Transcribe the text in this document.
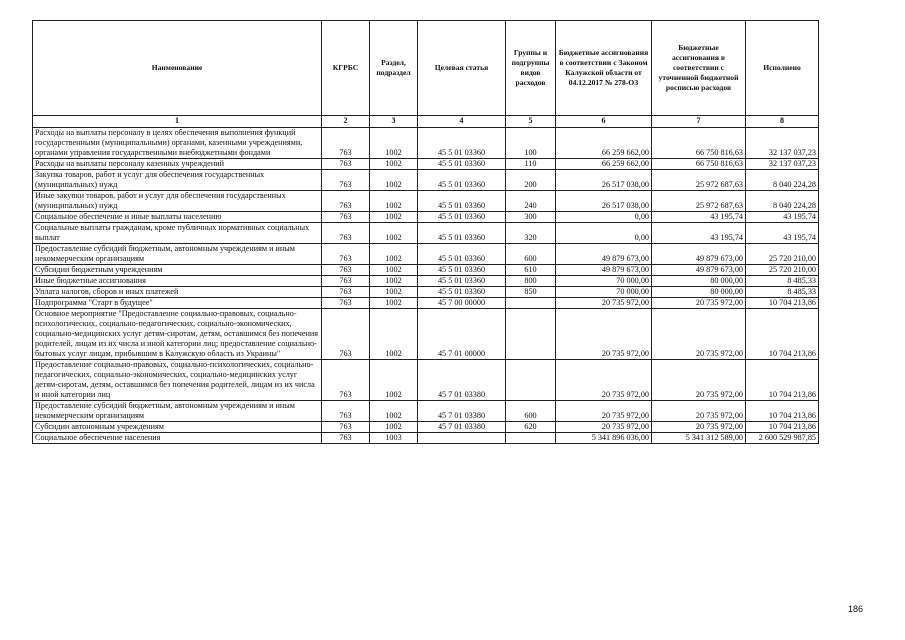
Наименование	КГРБС	Раздел, подраздел	Целевая статья	Группы и подгруппы видов расходов	Бюджетные ассигнования в соответствии с Законом Калужской области от 04.12.2017 № 278-ОЗ	Бюджетные ассигнования в соответствии с уточненной бюджетной росписью расходов	Исполнено
1	2	3	4	5	6	7	8
Расходы на выплаты персоналу в целях обеспечения выполнения функций государственными (муниципальными) органами, казенными учреждениями, органами управления государственными внебюджетными фондами	763	1002	45 5 01 03360	100	66 259 662,00	66 750 816,63	32 137 037,23
Расходы на выплаты персоналу казенных учреждений	763	1002	45 5 01 03360	110	66 259 662,00	66 750 816,63	32 137 037,23
Закупка товаров, работ и услуг для обеспечения государственных (муниципальных) нужд	763	1002	45 5 01 03360	200	26 517 038,00	25 972 687,63	8 040 224,28
Иные закупки товаров, работ и услуг для обеспечения государственных (муниципальных) нужд	763	1002	45 5 01 03360	240	26 517 038,00	25 972 687,63	8 040 224,28
Социальное обеспечение и иные выплаты населению	763	1002	45 5 01 03360	300	0,00	43 195,74	43 195,74
Социальные выплаты гражданам, кроме публичных нормативных социальных выплат	763	1002	45 5 01 03360	320	0,00	43 195,74	43 195,74
Предоставление субсидий бюджетным, автономным учреждениям и иным некоммерческим организациям	763	1002	45 5 01 03360	600	49 879 673,00	49 879 673,00	25 720 210,00
Субсидии бюджетным учреждениям	763	1002	45 5 01 03360	610	49 879 673,00	49 879 673,00	25 720 210,00
Иные бюджетные ассигнования	763	1002	45 5 01 03360	800	70 000,00	80 000,00	8 485,33
Уплата налогов, сборов и иных платежей	763	1002	45 5 01 03360	850	70 000,00	80 000,00	8 485,33
Подпрограмма "Старт в будущее"	763	1002	45 7 00 00000		20 735 972,00	20 735 972,00	10 704 213,86
Основное мероприятие "Предоставление социально-правовых, социально-психологических, социально-педагогических, социально-экономических, социально-медицинских услуг детям-сиротам, детям, оставшимся без попечения родителей, лицам из их числа и иной категории лиц; предоставление социально-бытовых услуг лицам, прибывшим в Калужскую область из Украины"	763	1002	45 7 01 00000		20 735 972,00	20 735 972,00	10 704 213,86
Предоставление социально-правовых, социально-психологических, социально-педагогических, социально-экономических, социально-медицинских услуг детям-сиротам, детям, оставшимся без попечения родителей, лицам из их числа и иной категории лиц	763	1002	45 7 01 03380		20 735 972,00	20 735 972,00	10 704 213,86
Предоставление субсидий бюджетным, автономным учреждениям и иным некоммерческим организациям	763	1002	45 7 01 03380	600	20 735 972,00	20 735 972,00	10 704 213,86
Субсидии автономным учреждениям	763	1002	45 7 01 03380	620	20 735 972,00	20 735 972,00	10 704 213,86
Социальное обеспечение населения	763	1003			5 341 896 036,00	5 341 312 589,00	2 600 529 987,85
186
